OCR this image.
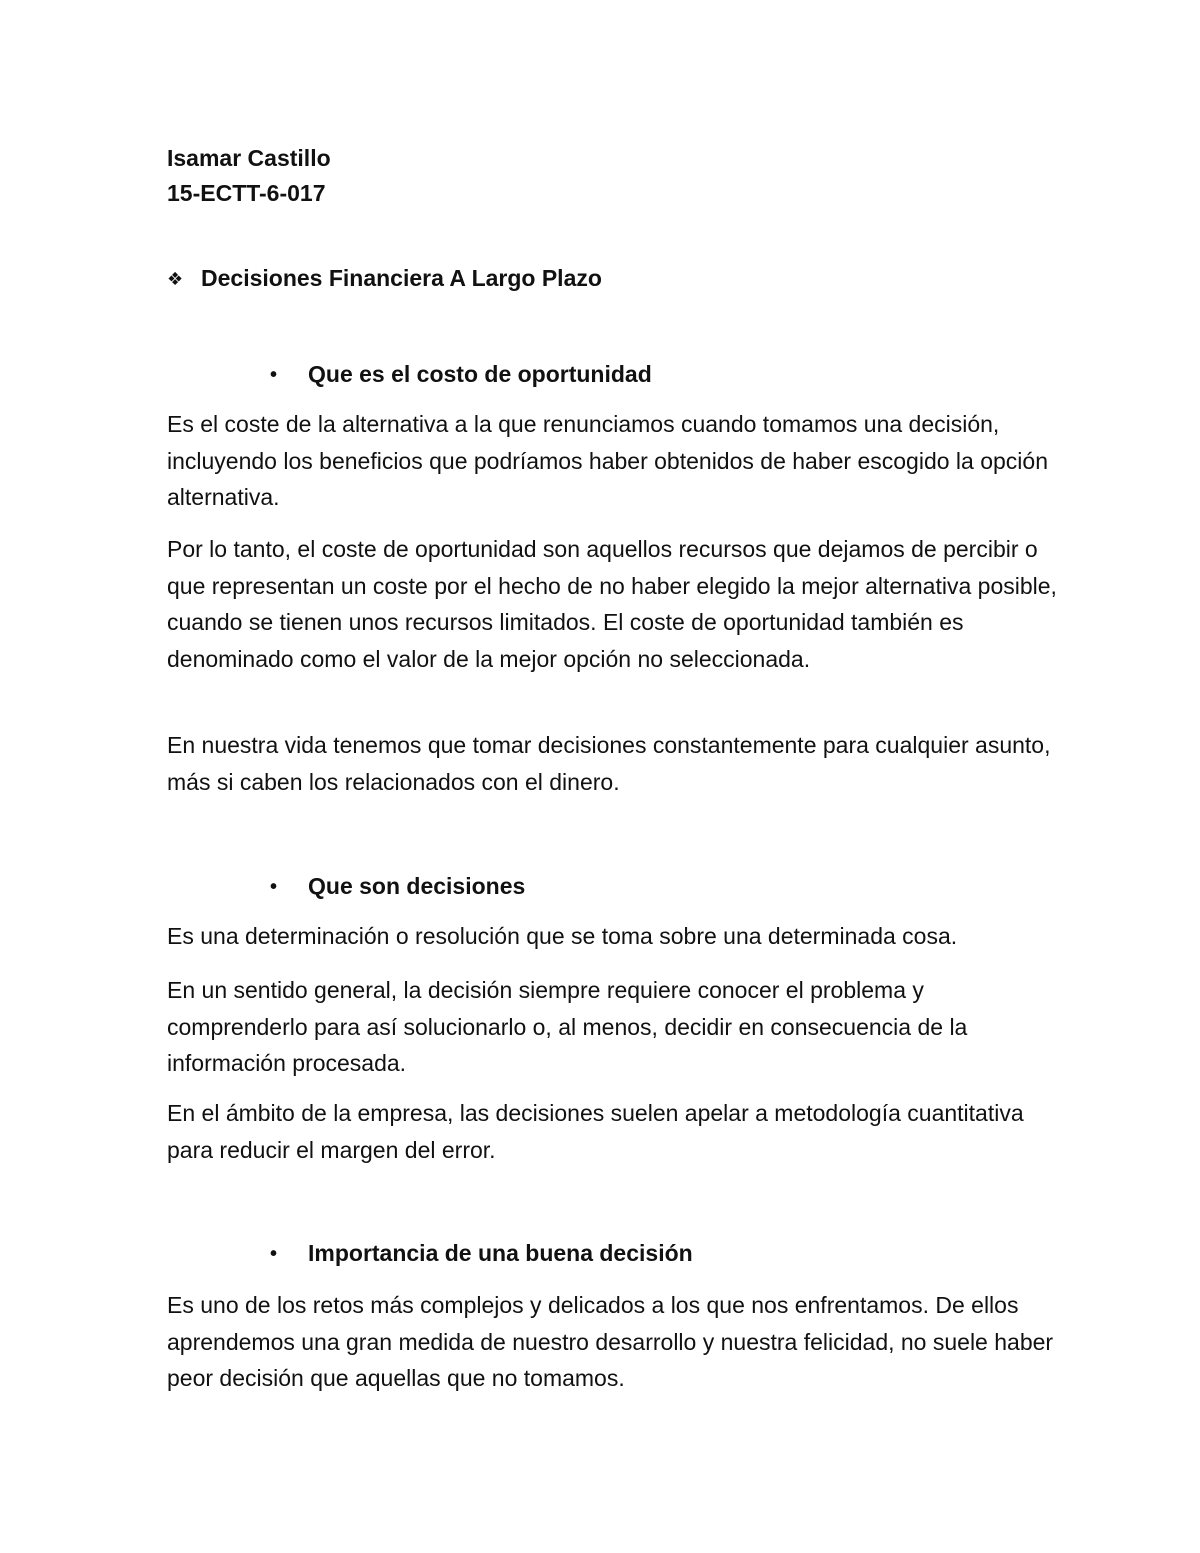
Isamar Castillo
15-ECTT-6-017
❖ Decisiones Financiera A Largo Plazo
• Que es el costo de oportunidad

Es el coste de la alternativa a la que renunciamos cuando tomamos una decisión, incluyendo los beneficios que podríamos haber obtenidos de haber escogido la opción alternativa.

Por lo tanto, el coste de oportunidad son aquellos recursos que dejamos de percibir o que representan un coste por el hecho de no haber elegido la mejor alternativa posible, cuando se tienen unos recursos limitados. El coste de oportunidad también es denominado como el valor de la mejor opción no seleccionada.

En nuestra vida tenemos que tomar decisiones constantemente para cualquier asunto, más si caben los relacionados con el dinero.

• Que son decisiones

Es una determinación o resolución que se toma sobre una determinada cosa.

En un sentido general, la decisión siempre requiere conocer el problema y comprenderlo para así solucionarlo o, al menos, decidir en consecuencia de la información procesada.

En el ámbito de la empresa, las decisiones suelen apelar a metodología cuantitativa para reducir el margen del error.

• Importancia de una buena decisión

Es uno de los retos más complejos y delicados a los que nos enfrentamos. De ellos aprendemos una gran medida de nuestro desarrollo y nuestra felicidad, no suele haber peor decisión que aquellas que no tomamos.
